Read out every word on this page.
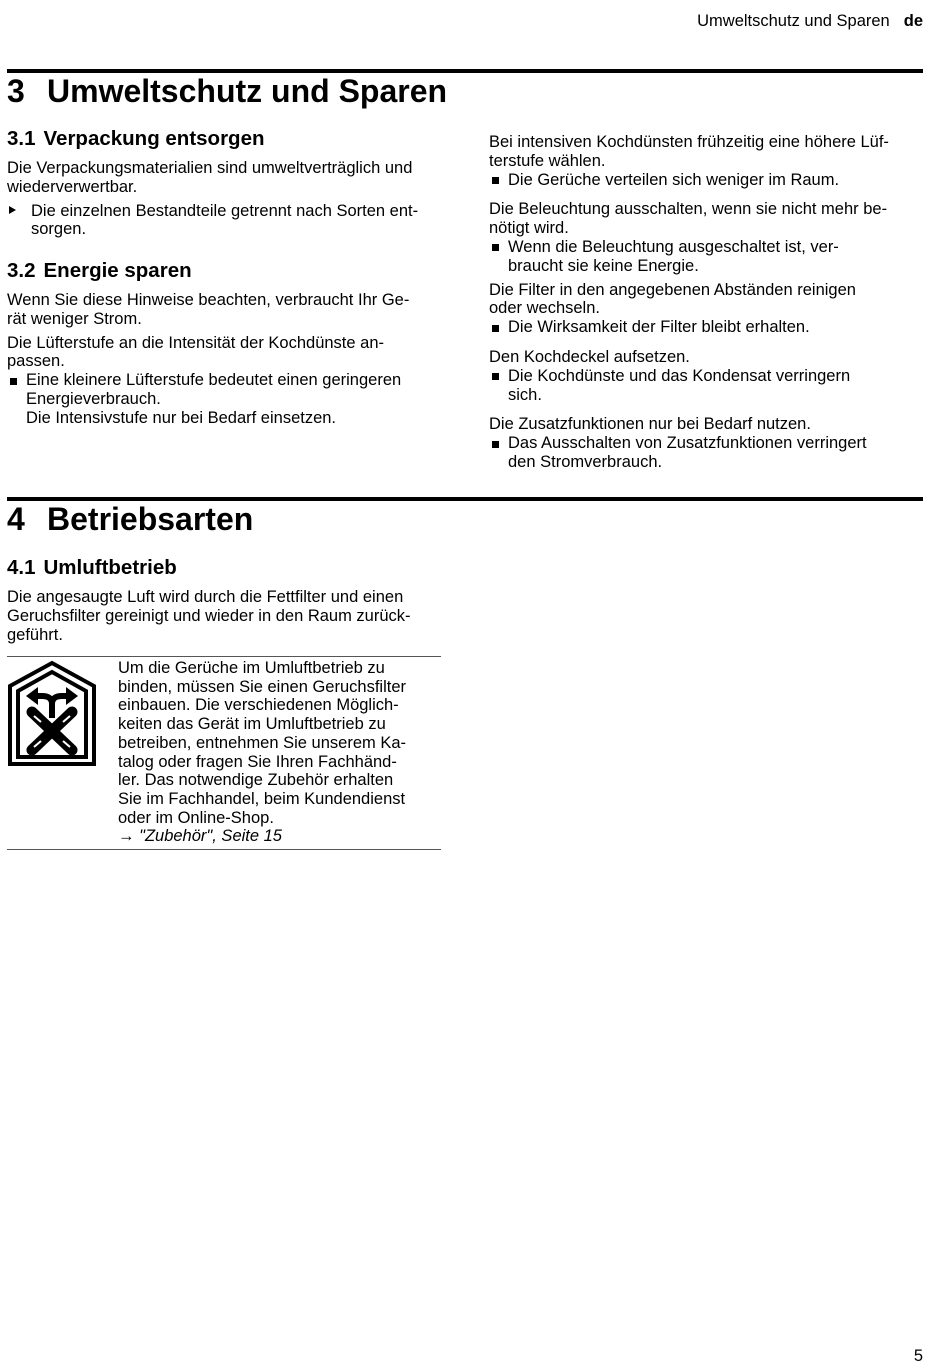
Umweltschutz und Sparen de
3 Umweltschutz und Sparen
3.1 Verpackung entsorgen

Die Verpackungsmaterialien sind umweltverträglich und
wiederverwertbar.

Die einzelnen Bestandteile getrennt nach Sorten ent-
sorgen.

3.2 Energie sparen

Wenn Sie diese Hinweise beachten, verbraucht Ihr Ge-
rät weniger Strom.

Die Lüfterstufe an die Intensität der Kochdünste an-
passen.

Eine kleinere Lüfterstufe bedeutet einen geringeren
Energieverbrauch.
Die Intensivstufe nur bei Bedarf einsetzen.

Bei intensiven Kochdünsten frühzeitig eine höhere Lüf-
terstufe wählen.

Die Gerüche verteilen sich weniger im Raum.

Die Beleuchtung ausschalten, wenn sie nicht mehr be-
nötigt wird.

Wenn die Beleuchtung ausgeschaltet ist, ver-
braucht sie keine Energie.

Die Filter in den angegebenen Abständen reinigen
oder wechseln.

Die Wirksamkeit der Filter bleibt erhalten.

Den Kochdeckel aufsetzen.

Die Kochdünste und das Kondensat verringern
sich.

Die Zusatzfunktionen nur bei Bedarf nutzen.

Das Ausschalten von Zusatzfunktionen verringert
den Stromverbrauch.

4 Betriebsarten
4.1 Umluftbetrieb

Die angesaugte Luft wird durch die Fettfilter und einen
Geruchsfilter gereinigt und wieder in den Raum zurück-
geführt.

Um die Gerüche im Umluftbetrieb zu
binden, müssen Sie einen Geruchsfilter
einbauen. Die verschiedenen Möglich-
keiten das Gerät im Umluftbetrieb zu
betreiben, entnehmen Sie unserem Ka-
talog oder fragen Sie Ihren Fachhänd-
ler. Das notwendige Zubehör erhalten
Sie im Fachhandel, beim Kundendienst
oder im Online-Shop.

→ "Zubehör", Seite 15

5
